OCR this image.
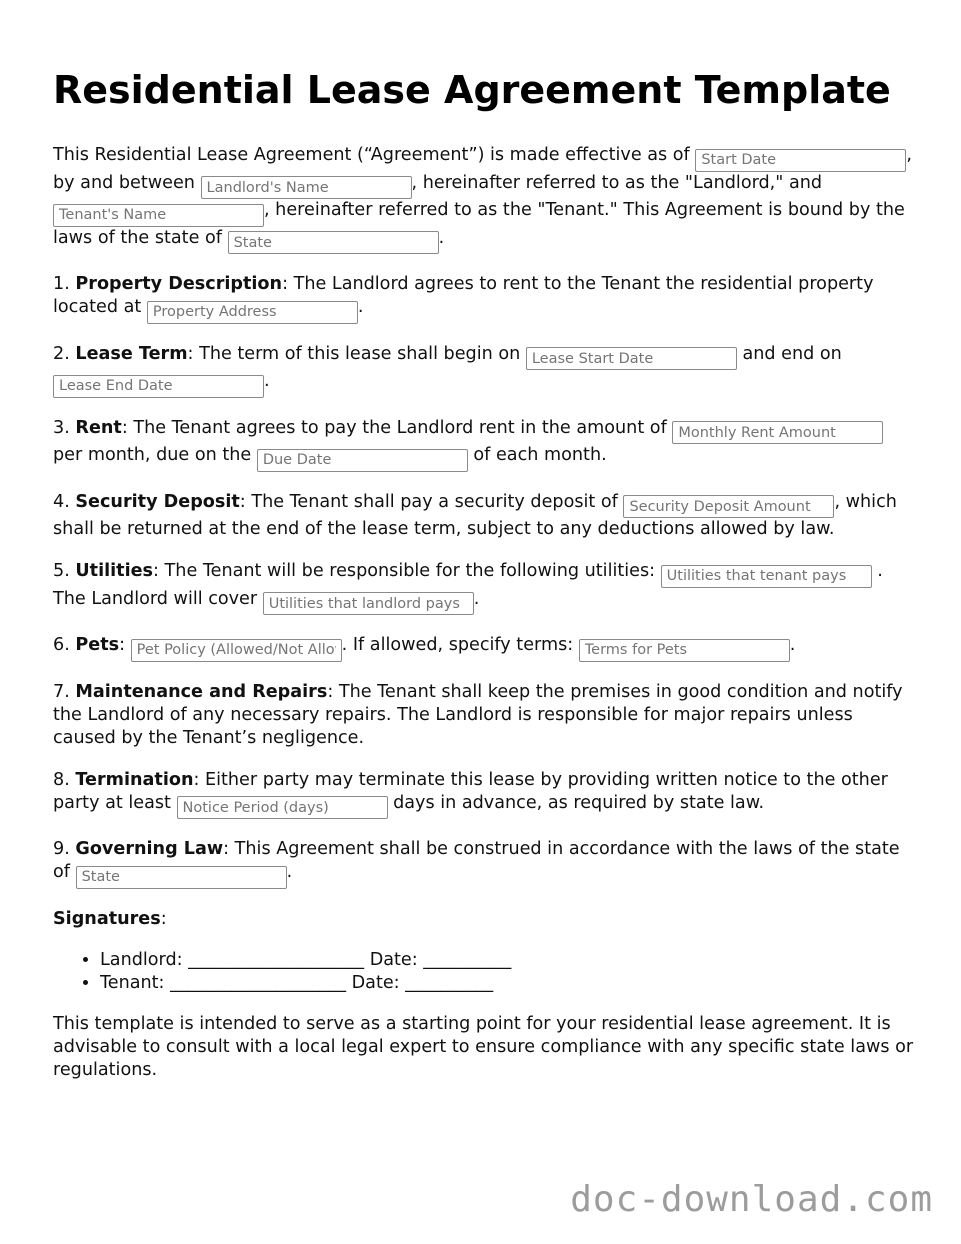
Residential Lease Agreement Template

This Residential Lease Agreement (“Agreement”) is made effective as of Start Date	, by and between Landlord's Name	, hereinafter referred to as the "Landlord," and Tenant's Name, hereinafter referred to as the "Tenant." This Agreement is bound by the laws of the state of State	.

1. Property Description: The Landlord agrees to rent to the Tenant the residential property located at Property Address	.

2. Lease Term: The term of this lease shall begin on Lease Start Date	and end on Lease End Date.

3. Rent: The Tenant agrees to pay the Landlord rent in the amount of Monthly Rent Amount per month, due on the Due Date	of each month.

4. Security Deposit: The Tenant shall pay a security deposit of Security Deposit Amount	, which shall be returned at the end of the lease term, subject to any deductions allowed by law.

5. Utilities: The Tenant will be responsible for the following utilities: Utilities that tenant pays	. The Landlord will cover Utilities that landlord pays	.

6. Pets: Pet Policy (Allowed/Not Allowed)	. If allowed, specify terms: Terms for Pets	.

7. Maintenance and Repairs: The Tenant shall keep the premises in good condition and notify the Landlord of any necessary repairs. The Landlord is responsible for major repairs unless caused by the Tenant’s negligence.

8. Termination: Either party may terminate this lease by providing written notice to the other party at least Notice Period (days)	days in advance, as required by state law.

9. Governing Law: This Agreement shall be construed in accordance with the laws of the state of State	.

Signatures:

• Landlord: ____________________ Date: __________
• Tenant: ____________________ Date: __________

This template is intended to serve as a starting point for your residential lease agreement. It is advisable to consult with a local legal expert to ensure compliance with any specific state laws or regulations.

doc-download.com
